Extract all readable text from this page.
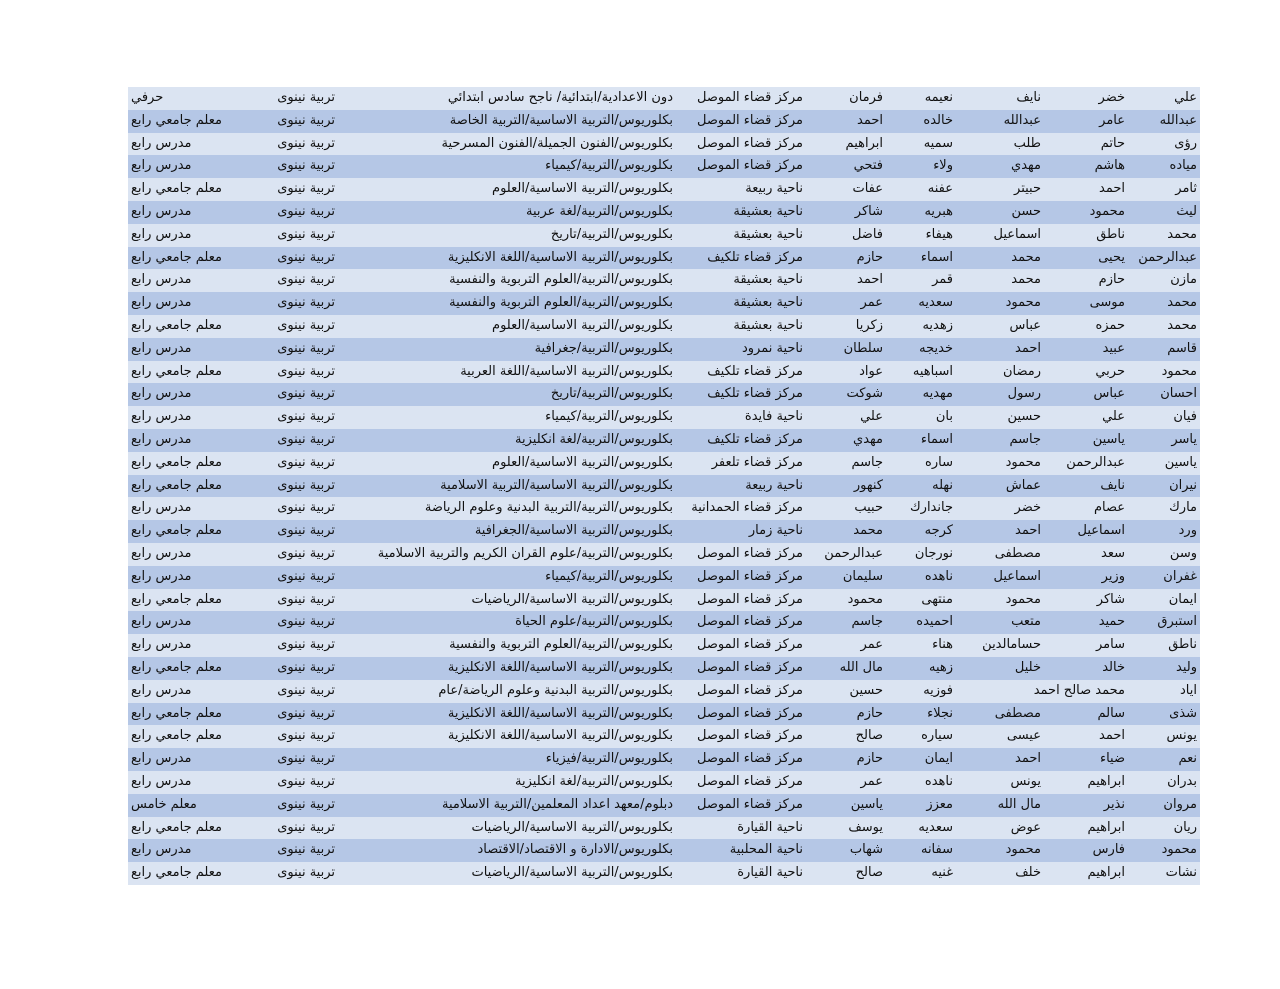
علي	خضر	نايف	نعيمه	فرمان	مركز قضاء الموصل	دون الاعدادية/ابتدائية/ ناجح سادس ابتدائي	تربية نينوى	حرفي
عبدالله	عامر	عبدالله	خالده	احمد	مركز قضاء الموصل	بكلوريوس/التربية الاساسية/التربية الخاصة	تربية نينوى	معلم جامعي رابع
رؤى	حاتم	طلب	سميه	ابراهيم	مركز قضاء الموصل	بكلوريوس/الفنون الجميلة/الفنون المسرحية	تربية نينوى	مدرس رابع
مياده	هاشم	مهدي	ولاء	فتحي	مركز قضاء الموصل	بكلوريوس/التربية/كيمياء	تربية نينوى	مدرس رابع
ثامر	احمد	حبيتر	عفنه	عفات	ناحية ربيعة	بكلوريوس/التربية الاساسية/العلوم	تربية نينوى	معلم جامعي رابع
ليث	محمود	حسن	هبريه	شاكر	ناحية بعشيقة	بكلوريوس/التربية/لغة عربية	تربية نينوى	مدرس رابع
محمد	ناطق	اسماعيل	هيفاء	فاضل	ناحية بعشيقة	بكلوريوس/التربية/تاريخ	تربية نينوى	مدرس رابع
عبدالرحمن	يحيى	محمد	اسماء	حازم	مركز قضاء تلكيف	بكلوريوس/التربية الاساسية/اللغة الانكليزية	تربية نينوى	معلم جامعي رابع
مازن	حازم	محمد	قمر	احمد	ناحية بعشيقة	بكلوريوس/التربية/العلوم التربوية والنفسية	تربية نينوى	مدرس رابع
محمد	موسى	محمود	سعديه	عمر	ناحية بعشيقة	بكلوريوس/التربية/العلوم التربوية والنفسية	تربية نينوى	مدرس رابع
محمد	حمزه	عباس	زهديه	زكريا	ناحية بعشيقة	بكلوريوس/التربية الاساسية/العلوم	تربية نينوى	معلم جامعي رابع
قاسم	عبيد	احمد	خديجه	سلطان	ناحية نمرود	بكلوريوس/التربية/جغرافية	تربية نينوى	مدرس رابع
محمود	حربي	رمضان	اسباهيه	عواد	مركز قضاء تلكيف	بكلوريوس/التربية الاساسية/اللغة العربية	تربية نينوى	معلم جامعي رابع
احسان	عباس	رسول	مهديه	شوكت	مركز قضاء تلكيف	بكلوريوس/التربية/تاريخ	تربية نينوى	مدرس رابع
فيان	علي	حسين	بان	علي	ناحية فايدة	بكلوريوس/التربية/كيمياء	تربية نينوى	مدرس رابع
ياسر	ياسين	جاسم	اسماء	مهدي	مركز قضاء تلكيف	بكلوريوس/التربية/لغة انكليزية	تربية نينوى	مدرس رابع
ياسين	عبدالرحمن	محمود	ساره	جاسم	مركز قضاء تلعفر	بكلوريوس/التربية الاساسية/العلوم	تربية نينوى	معلم جامعي رابع
نيران	نايف	عماش	نهله	كنهور	ناحية ربيعة	بكلوريوس/التربية الاساسية/التربية الاسلامية	تربية نينوى	معلم جامعي رابع
مارك	عصام	خضر	جاندارك	حبيب	مركز قضاء الحمدانية	بكلوريوس/التربية/التربية البدنية وعلوم الرياضة	تربية نينوى	مدرس رابع
ورد	اسماعيل	احمد	كرجه	محمد	ناحية زمار	بكلوريوس/التربية الاساسية/الجغرافية	تربية نينوى	معلم جامعي رابع
وسن	سعد	مصطفى	نورجان	عبدالرحمن	مركز قضاء الموصل	بكلوريوس/التربية/علوم القران الكريم والتربية الاسلامية	تربية نينوى	مدرس رابع
غفران	وزير	اسماعيل	ناهده	سليمان	مركز قضاء الموصل	بكلوريوس/التربية/كيمياء	تربية نينوى	مدرس رابع
ايمان	شاكر	محمود	منتهى	محمود	مركز قضاء الموصل	بكلوريوس/التربية الاساسية/الرياضيات	تربية نينوى	معلم جامعي رابع
استبرق	حميد	متعب	احميده	جاسم	مركز قضاء الموصل	بكلوريوس/التربية/علوم الحياة	تربية نينوى	مدرس رابع
ناطق	سامر	حسامالدين	هناء	عمر	مركز قضاء الموصل	بكلوريوس/التربية/العلوم التربوية والنفسية	تربية نينوى	مدرس رابع
وليد	خالد	خليل	زهيه	مال الله	مركز قضاء الموصل	بكلوريوس/التربية الاساسية/اللغة الانكليزية	تربية نينوى	معلم جامعي رابع
اياد	محمد صالح احمد		فوزيه	حسين	مركز قضاء الموصل	بكلوريوس/التربية البدنية وعلوم الرياضة/عام	تربية نينوى	مدرس رابع
شذى	سالم	مصطفى	نجلاء	حازم	مركز قضاء الموصل	بكلوريوس/التربية الاساسية/اللغة الانكليزية	تربية نينوى	معلم جامعي رابع
يونس	احمد	عيسى	سياره	صالح	مركز قضاء الموصل	بكلوريوس/التربية الاساسية/اللغة الانكليزية	تربية نينوى	معلم جامعي رابع
نعم	ضياء	احمد	ايمان	حازم	مركز قضاء الموصل	بكلوريوس/التربية/فيزياء	تربية نينوى	مدرس رابع
بدران	ابراهيم	يونس	ناهده	عمر	مركز قضاء الموصل	بكلوريوس/التربية/لغة انكليزية	تربية نينوى	مدرس رابع
مروان	نذير	مال الله	معزز	ياسين	مركز قضاء الموصل	دبلوم/معهد اعداد المعلمين/التربية الاسلامية	تربية نينوى	معلم خامس
ريان	ابراهيم	عوض	سعديه	يوسف	ناحية القيارة	بكلوريوس/التربية الاساسية/الرياضيات	تربية نينوى	معلم جامعي رابع
محمود	فارس	محمود	سفانه	شهاب	ناحية المحلبية	بكلوريوس/الادارة و الاقتصاد/الاقتصاد	تربية نينوى	مدرس رابع
نشات	ابراهيم	خلف	غنيه	صالح	ناحية القيارة	بكلوريوس/التربية الاساسية/الرياضيات	تربية نينوى	معلم جامعي رابع
